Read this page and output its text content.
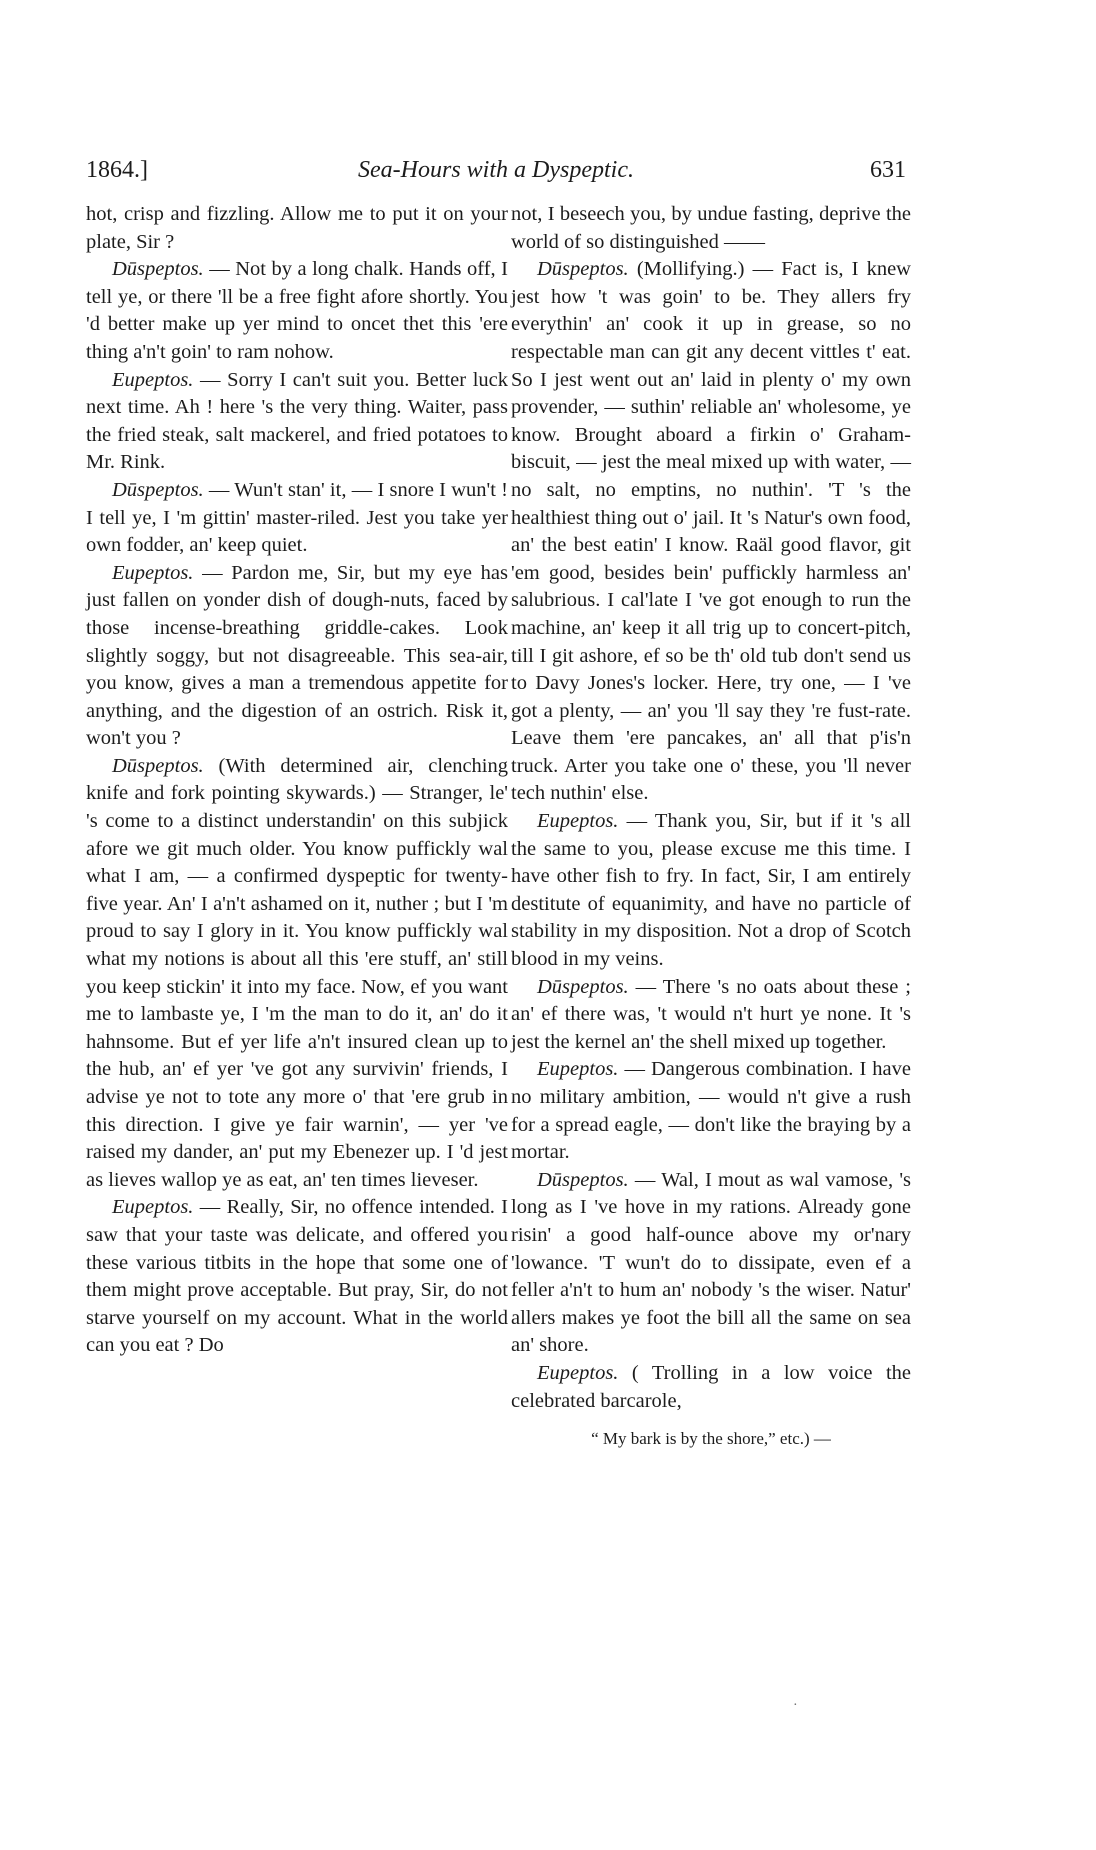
1864.]	Sea-Hours with a Dyspeptic.	631

hot, crisp and fizzling. Allow me to put it on your plate, Sir ?

Dūspeptos. — Not by a long chalk. Hands off, I tell ye, or there 'll be a free fight afore shortly. You 'd better make up yer mind to oncet thet this 'ere thing a'n't goin' to ram nohow.

Eupeptos. — Sorry I can't suit you. Better luck next time. Ah ! here 's the very thing. Waiter, pass the fried steak, salt mackerel, and fried potatoes to Mr. Rink.

Dūspeptos. — Wun't stan' it, — I snore I wun't ! I tell ye, I 'm gittin' master-riled. Jest you take yer own fodder, an' keep quiet.

Eupeptos. — Pardon me, Sir, but my eye has just fallen on yonder dish of dough-nuts, faced by those incense-breathing griddle-cakes. Look slightly soggy, but not disagreeable. This sea-air, you know, gives a man a tremendous appetite for anything, and the digestion of an ostrich. Risk it, won't you ?

Dūspeptos. (With determined air, clenching knife and fork pointing skywards.) — Stranger, le' 's come to a distinct understandin' on this subjick afore we git much older. You know puffickly wal what I am, — a confirmed dyspeptic for twenty-five year. An' I a'n't ashamed on it, nuther ; but I 'm proud to say I glory in it. You know puffickly wal what my notions is about all this 'ere stuff, an' still you keep stickin' it into my face. Now, ef you want me to lambaste ye, I 'm the man to do it, an' do it hahnsome. But ef yer life a'n't insured clean up to the hub, an' ef yer 've got any survivin' friends, I advise ye not to tote any more o' that 'ere grub in this direction. I give ye fair warnin', — yer 've raised my dander, an' put my Ebenezer up. I 'd jest as lieves wallop ye as eat, an' ten times lieveser.

Eupeptos. — Really, Sir, no offence intended. I saw that your taste was delicate, and offered you these various titbits in the hope that some one of them might prove acceptable. But pray, Sir, do not starve yourself on my account. What in the world can you eat ? Do

not, I beseech you, by undue fasting, deprive the world of so distinguished ——

Dūspeptos. (Mollifying.) — Fact is, I knew jest how 't was goin' to be. They allers fry everythin' an' cook it up in grease, so no respectable man can git any decent vittles t' eat. So I jest went out an' laid in plenty o' my own provender, — suthin' reliable an' wholesome, ye know. Brought aboard a firkin o' Graham-biscuit, — jest the meal mixed up with water, — no salt, no emptins, no nuthin'. 'T 's the healthiest thing out o' jail. It 's Natur's own food, an' the best eatin' I know. Raäl good flavor, git 'em good, besides bein' puffickly harmless an' salubrious. I cal'late I 've got enough to run the machine, an' keep it all trig up to concert-pitch, till I git ashore, ef so be th' old tub don't send us to Davy Jones's locker. Here, try one, — I 've got a plenty, — an' you 'll say they 're fust-rate. Leave them 'ere pancakes, an' all that p'is'n truck. Arter you take one o' these, you 'll never tech nuthin' else.

Eupeptos. — Thank you, Sir, but if it 's all the same to you, please excuse me this time. I have other fish to fry. In fact, Sir, I am entirely destitute of equanimity, and have no particle of stability in my disposition. Not a drop of Scotch blood in my veins.

Dūspeptos. — There 's no oats about these ; an' ef there was, 't would n't hurt ye none. It 's jest the kernel an' the shell mixed up together.

Eupeptos. — Dangerous combination. I have no military ambition, — would n't give a rush for a spread eagle, — don't like the braying by a mortar.

Dūspeptos. — Wal, I mout as wal vamose, 's long as I 've hove in my rations. Already gone risin' a good half-ounce above my or'nary 'lowance. 'T wun't do to dissipate, even ef a feller a'n't to hum an' nobody 's the wiser. Natur' allers makes ye foot the bill all the same on sea an' shore.

Eupeptos. ( Trolling in a low voice the celebrated barcarole,

“ My bark is by the shore,” etc.) —

·
